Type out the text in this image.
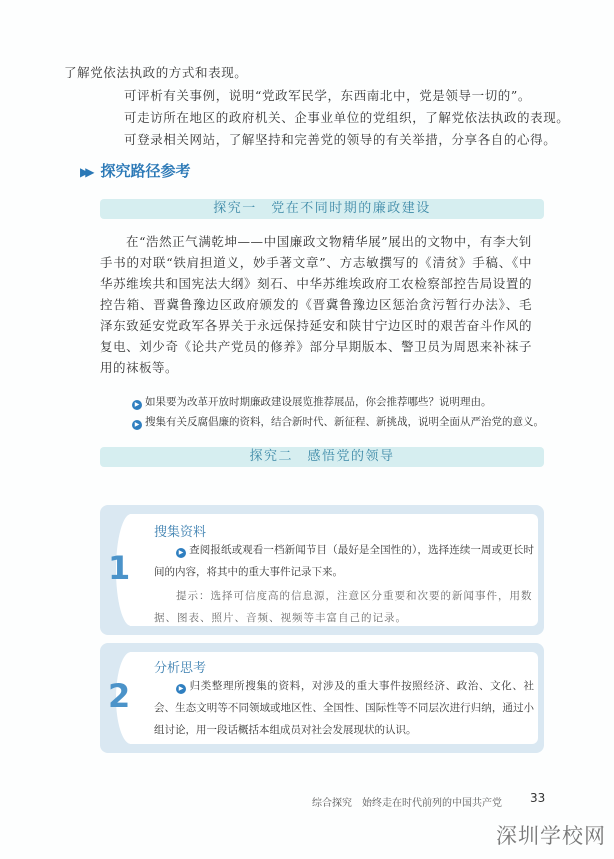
了解党依法执政的方式和表现。
可评析有关事例，说明“党政军民学，东西南北中，党是领导一切的”。
可走访所在地区的政府机关、企事业单位的党组织，了解党依法执政的表现。
可登录相关网站，了解坚持和完善党的领导的有关举措，分享各自的心得。
▶▶ 探究路径参考
探究一　党在不同时期的廉政建设
在“浩然正气满乾坤——中国廉政文物精华展”展出的文物中，有李大钊手书的对联“铁肩担道义，妙手著文章”、方志敏撰写的《清贫》手稿、《中华苏维埃共和国宪法大纲》刻石、中华苏维埃政府工农检察部控告局设置的控告箱、晋冀鲁豫边区政府颁发的《晋冀鲁豫边区惩治贪污暂行办法》、毛泽东致延安党政军各界关于永远保持延安和陕甘宁边区时的艰苦奋斗作风的复电、刘少奇《论共产党员的修养》部分早期版本、警卫员为周恩来补袜子用的袜板等。
▶ 如果要为改革开放时期廉政建设展览推荐展品，你会推荐哪些？说明理由。
▶ 搜集有关反腐倡廉的资料，结合新时代、新征程、新挑战，说明全面从严治党的意义。
探究二　感悟党的领导
1
搜集资料
▶ 查阅报纸或观看一档新闻节目（最好是全国性的），选择连续一周或更长时间的内容，将其中的重大事件记录下来。
提示：选择可信度高的信息源，注意区分重要和次要的新闻事件，用数据、图表、照片、音频、视频等丰富自己的记录。
2
分析思考
▶ 归类整理所搜集的资料，对涉及的重大事件按照经济、政治、文化、社会、生态文明等不同领域或地区性、全国性、国际性等不同层次进行归纳，通过小组讨论，用一段话概括本组成员对社会发展现状的认识。
综合探究　始终走在时代前列的中国共产党 33
深圳学校网
